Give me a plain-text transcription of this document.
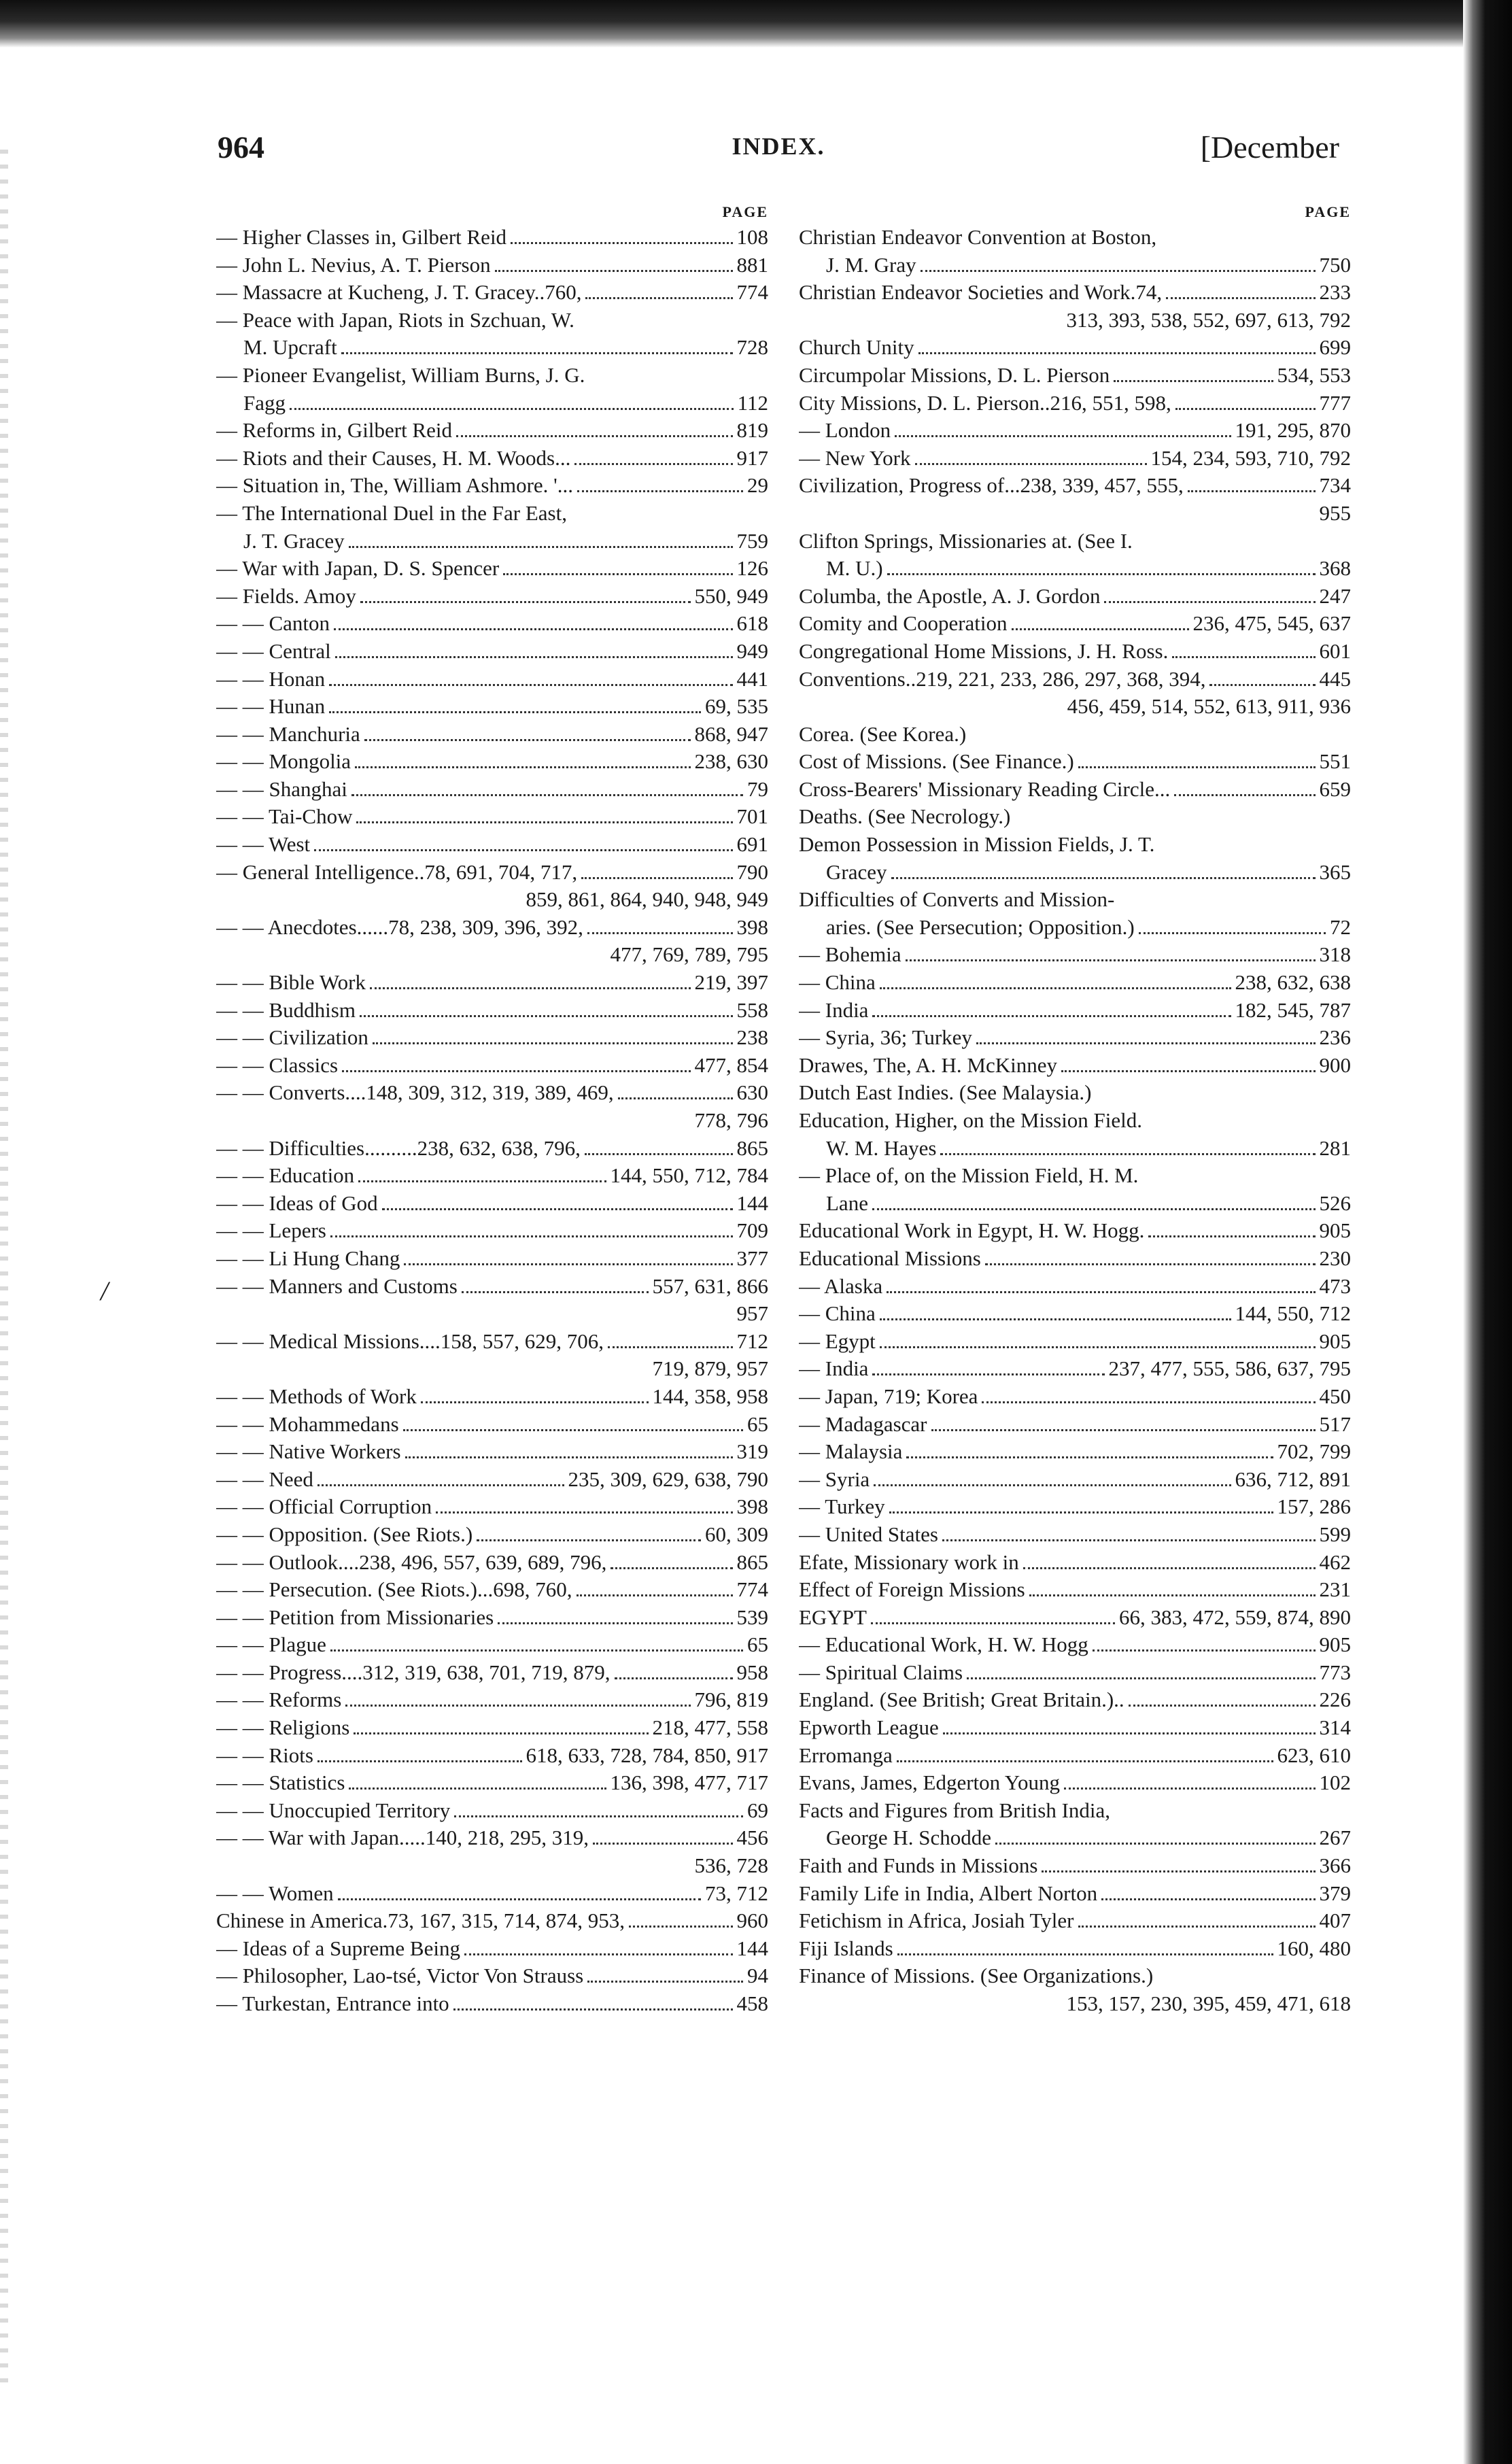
964	INDEX.	[December
PAGE
— Higher Classes in, Gilbert Reid	108
— John L. Nevius, A. T. Pierson	881
— Massacre at Kucheng, J. T. Gracey..760,	774
— Peace with Japan, Riots in Szchuan, W.
M. Upcraft	728
— Pioneer Evangelist, William Burns, J. G.
Fagg	112
— Reforms in, Gilbert Reid	819
— Riots and their Causes, H. M. Woods...	917
— Situation in, The, William Ashmore. '...	29
— The International Duel in the Far East,
J. T. Gracey	759
— War with Japan, D. S. Spencer	126
— Fields. Amoy	550, 949
— — Canton	618
— — Central	949
— — Honan	441
— — Hunan	69, 535
— — Manchuria	868, 947
— — Mongolia	238, 630
— — Shanghai	79
— — Tai-Chow	701
— — West	691
— General Intelligence..78, 691, 704, 717,	790
859, 861, 864, 940, 948, 949
— — Anecdotes......78, 238, 309, 396, 392,	398
477, 769, 789, 795
— — Bible Work	219, 397
— — Buddhism	558
— — Civilization	238
— — Classics	477, 854
— — Converts....148, 309, 312, 319, 389, 469,	630
778, 796
— — Difficulties..........238, 632, 638, 796,	865
— — Education	144, 550, 712, 784
— — Ideas of God	144
— — Lepers	709
— — Li Hung Chang	377
— — Manners and Customs	557, 631, 866
957
— — Medical Missions....158, 557, 629, 706,	712
719, 879, 957
— — Methods of Work	144, 358, 958
— — Mohammedans	65
— — Native Workers	319
— — Need	235, 309, 629, 638, 790
— — Official Corruption	398
— — Opposition. (See Riots.)	60, 309
— — Outlook....238, 496, 557, 639, 689, 796,	865
— — Persecution. (See Riots.)...698, 760,	774
— — Petition from Missionaries	539
— — Plague	65
— — Progress....312, 319, 638, 701, 719, 879,	958
— — Reforms	796, 819
— — Religions	218, 477, 558
— — Riots	618, 633, 728, 784, 850, 917
— — Statistics	136, 398, 477, 717
— — Unoccupied Territory	69
— — War with Japan.....140, 218, 295, 319,	456
536, 728
— — Women	73, 712
Chinese in America.73, 167, 315, 714, 874, 953,	960
— Ideas of a Supreme Being	144
— Philosopher, Lao-tsé, Victor Von Strauss	94
— Turkestan, Entrance into	458
PAGE
Christian Endeavor Convention at Boston,
J. M. Gray	750
Christian Endeavor Societies and Work.74,	233
313, 393, 538, 552, 697, 613, 792
Church Unity	699
Circumpolar Missions, D. L. Pierson	534, 553
City Missions, D. L. Pierson..216, 551, 598,	777
— London	191, 295, 870
— New York	154, 234, 593, 710, 792
Civilization, Progress of...238, 339, 457, 555,	734
955
Clifton Springs, Missionaries at. (See I.
M. U.)	368
Columba, the Apostle, A. J. Gordon	247
Comity and Cooperation	236, 475, 545, 637
Congregational Home Missions, J. H. Ross.	601
Conventions..219, 221, 233, 286, 297, 368, 394,	445
456, 459, 514, 552, 613, 911, 936
Corea. (See Korea.)
Cost of Missions. (See Finance.)	551
Cross-Bearers' Missionary Reading Circle...	659
Deaths. (See Necrology.)
Demon Possession in Mission Fields, J. T.
Gracey	365
Difficulties of Converts and Mission-
aries. (See Persecution; Opposition.)	72
— Bohemia	318
— China	238, 632, 638
— India	182, 545, 787
— Syria, 36; Turkey	236
Drawes, The, A. H. McKinney	900
Dutch East Indies. (See Malaysia.)
Education, Higher, on the Mission Field.
W. M. Hayes	281
— Place of, on the Mission Field, H. M.
Lane	526
Educational Work in Egypt, H. W. Hogg.	905
Educational Missions	230
— Alaska	473
— China	144, 550, 712
— Egypt	905
— India	237, 477, 555, 586, 637, 795
— Japan, 719; Korea	450
— Madagascar	517
— Malaysia	702, 799
— Syria	636, 712, 891
— Turkey	157, 286
— United States	599
Efate, Missionary work in	462
Effect of Foreign Missions	231
EGYPT	66, 383, 472, 559, 874, 890
— Educational Work, H. W. Hogg	905
— Spiritual Claims	773
England. (See British; Great Britain.)..	226
Epworth League	314
Erromanga	623, 610
Evans, James, Edgerton Young	102
Facts and Figures from British India,
George H. Schodde	267
Faith and Funds in Missions	366
Family Life in India, Albert Norton	379
Fetichism in Africa, Josiah Tyler	407
Fiji Islands	160, 480
Finance of Missions. (See Organizations.)
153, 157, 230, 395, 459, 471, 618
/
